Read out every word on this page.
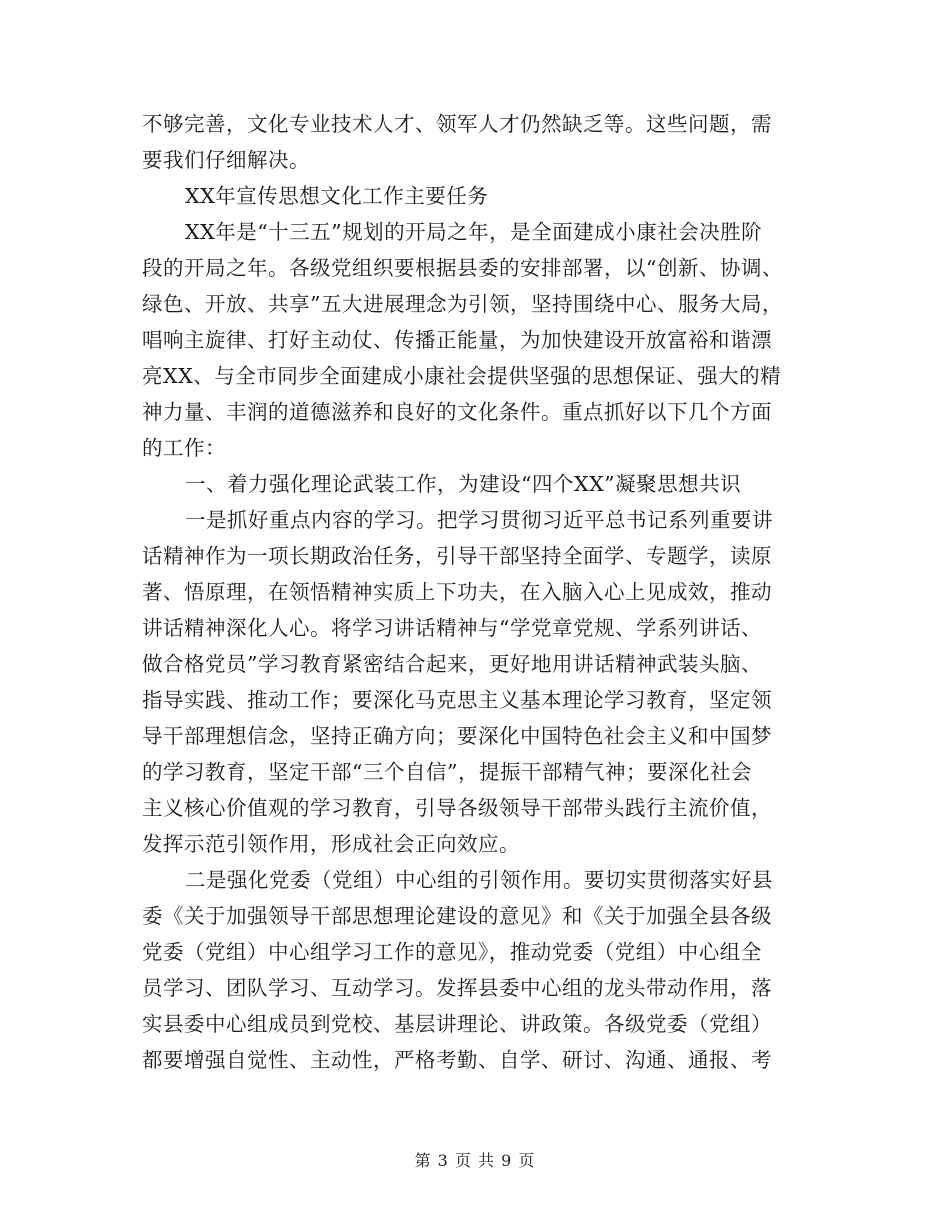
不够完善，文化专业技术人才、领军人才仍然缺乏等。这些问题，需
要我们仔细解决。
XX年宣传思想文化工作主要任务
XX年是“十三五”规划的开局之年，是全面建成小康社会决胜阶
段的开局之年。各级党组织要根据县委的安排部署，以“创新、协调、
绿色、开放、共享”五大进展理念为引领，坚持围绕中心、服务大局，
唱响主旋律、打好主动仗、传播正能量，为加快建设开放富裕和谐漂
亮XX、与全市同步全面建成小康社会提供坚强的思想保证、强大的精
神力量、丰润的道德滋养和良好的文化条件。重点抓好以下几个方面
的工作：
一、着力强化理论武装工作，为建设“四个XX”凝聚思想共识
一是抓好重点内容的学习。把学习贯彻习近平总书记系列重要讲
话精神作为一项长期政治任务，引导干部坚持全面学、专题学，读原
著、悟原理，在领悟精神实质上下功夫，在入脑入心上见成效，推动
讲话精神深化人心。将学习讲话精神与“学党章党规、学系列讲话、
做合格党员”学习教育紧密结合起来，更好地用讲话精神武装头脑、
指导实践、推动工作；要深化马克思主义基本理论学习教育，坚定领
导干部理想信念，坚持正确方向；要深化中国特色社会主义和中国梦
的学习教育，坚定干部“三个自信”，提振干部精气神；要深化社会
主义核心价值观的学习教育，引导各级领导干部带头践行主流价值，
发挥示范引领作用，形成社会正向效应。
二是强化党委（党组）中心组的引领作用。要切实贯彻落实好县
委《关于加强领导干部思想理论建设的意见》和《关于加强全县各级
党委（党组）中心组学习工作的意见》，推动党委（党组）中心组全
员学习、团队学习、互动学习。发挥县委中心组的龙头带动作用，落
实县委中心组成员到党校、基层讲理论、讲政策。各级党委（党组）
都要增强自觉性、主动性，严格考勤、自学、研讨、沟通、通报、考
第 3 页 共 9 页
